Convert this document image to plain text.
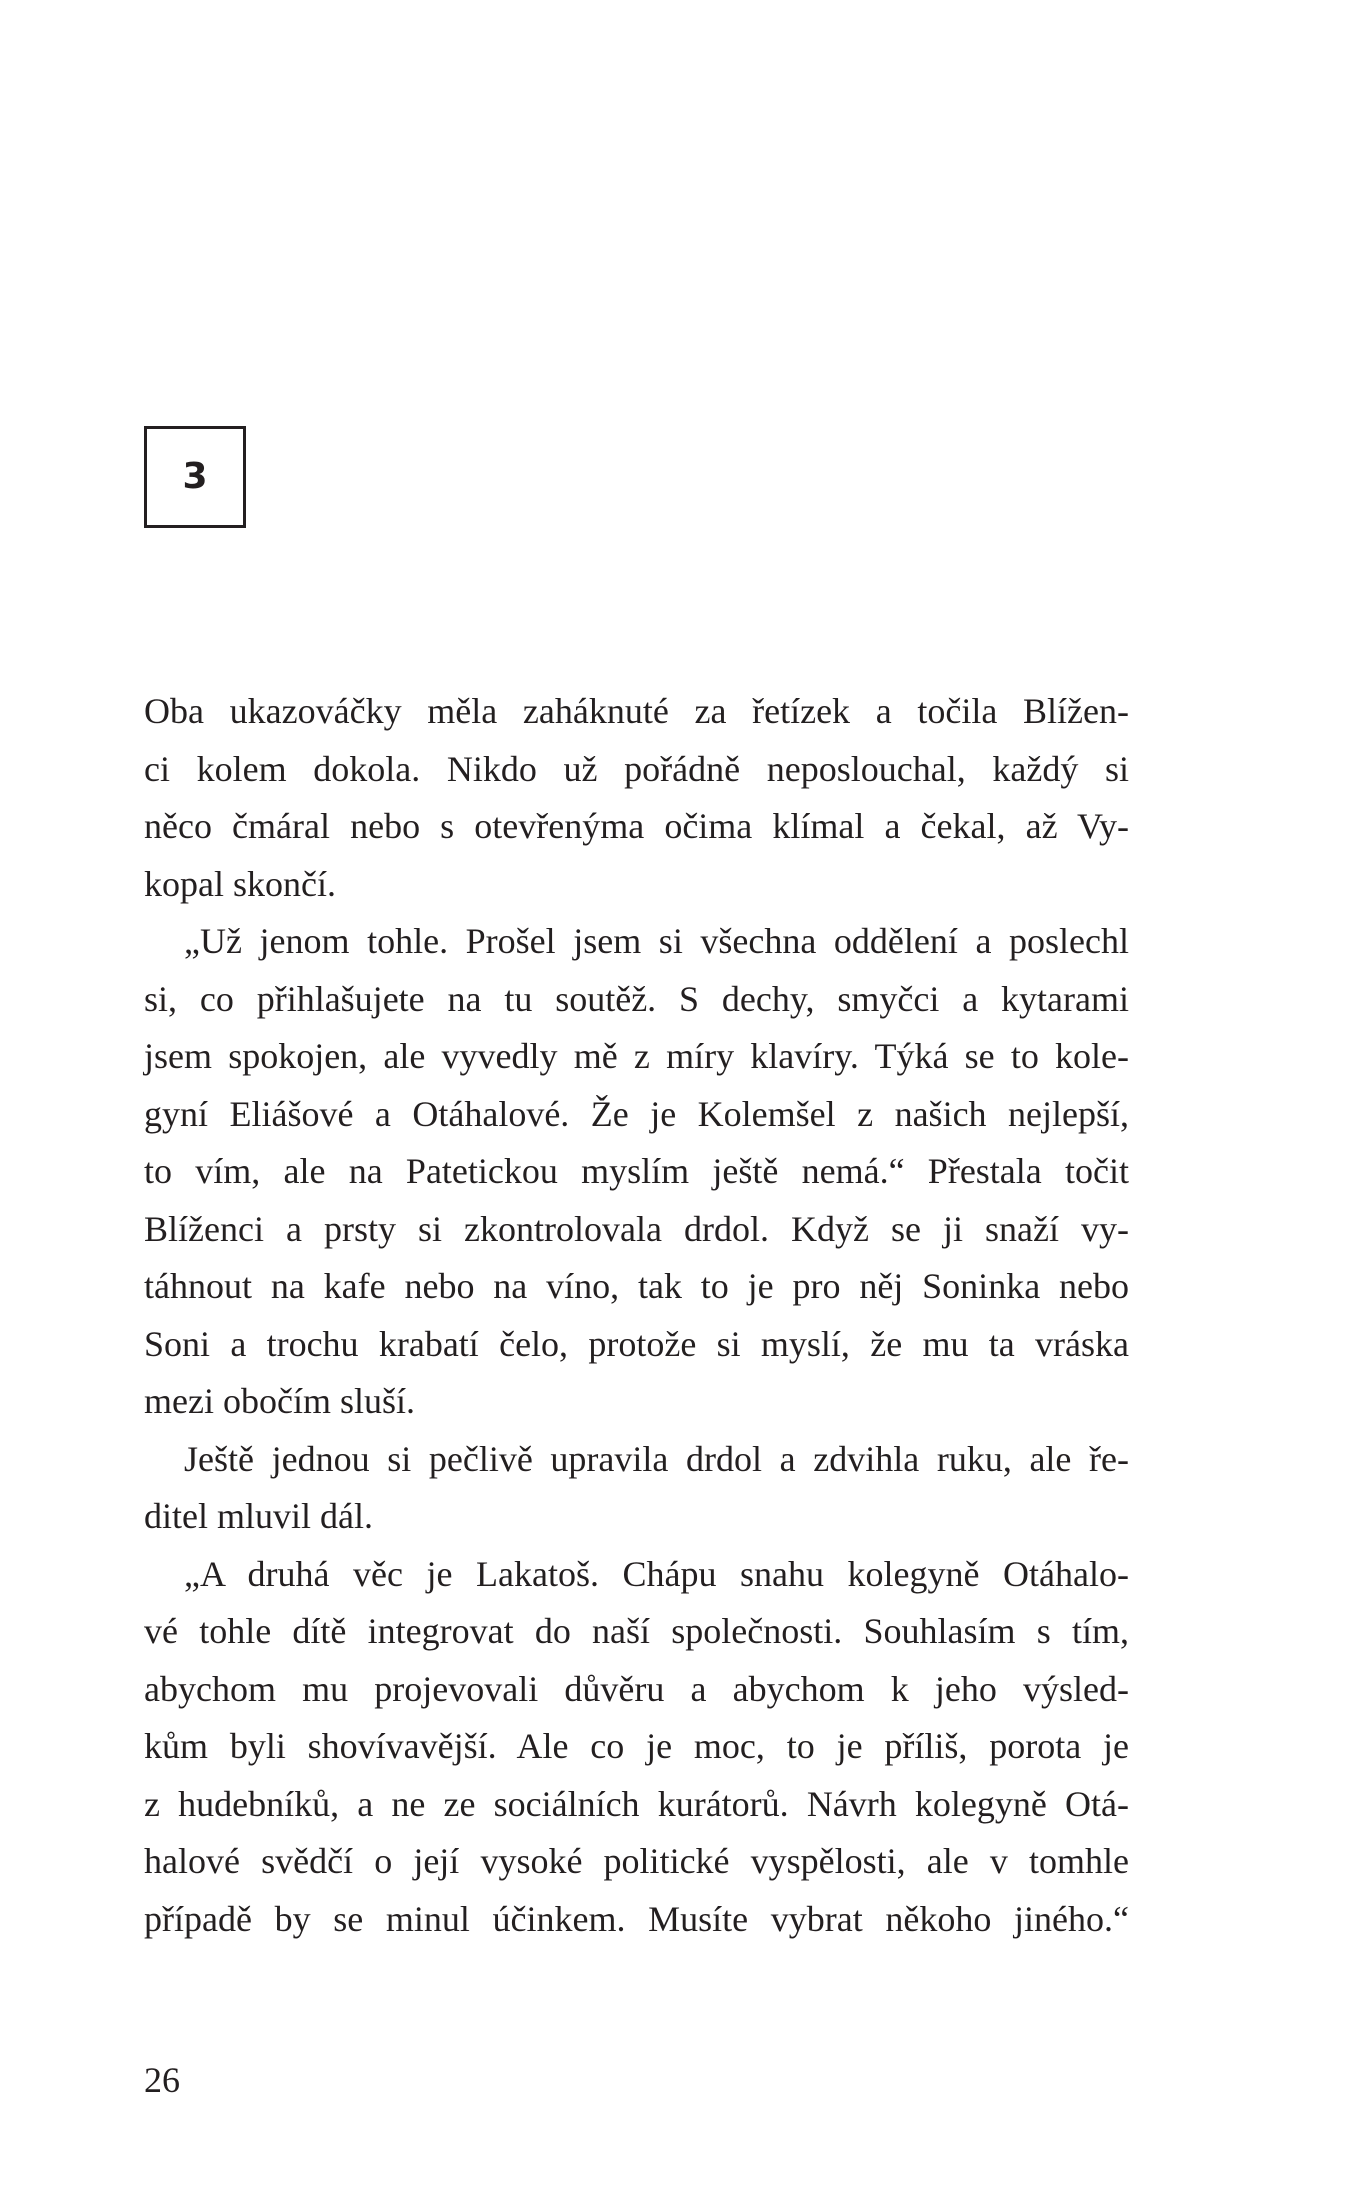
3
Oba ukazováčky měla zaháknuté za řetízek a točila Blížen-
ci kolem dokola. Nikdo už pořádně neposlouchal, každý si
něco čmáral nebo s otevřenýma očima klímal a čekal, až Vy-
kopal skončí.
„Už jenom tohle. Prošel jsem si všechna oddělení a poslechl
si, co přihlašujete na tu soutěž. S dechy, smyčci a kytarami
jsem spokojen, ale vyvedly mě z míry klavíry. Týká se to kole-
gyní Eliášové a Otáhalové. Že je Kolemšel z našich nejlepší,
to vím, ale na Patetickou myslím ještě nemá.“ Přestala točit
Blíženci a prsty si zkontrolovala drdol. Když se ji snaží vy-
táhnout na kafe nebo na víno, tak to je pro něj Soninka nebo
Soni a trochu krabatí čelo, protože si myslí, že mu ta vráska
mezi obočím sluší.
Ještě jednou si pečlivě upravila drdol a zdvihla ruku, ale ře-
ditel mluvil dál.
„A druhá věc je Lakatoš. Chápu snahu kolegyně Otáhalo-
vé tohle dítě integrovat do naší společnosti. Souhlasím s tím,
abychom mu projevovali důvěru a abychom k jeho výsled-
kům byli shovívavější. Ale co je moc, to je příliš, porota je
z hudebníků, a ne ze sociálních kurátorů. Návrh kolegyně Otá-
halové svědčí o její vysoké politické vyspělosti, ale v tomhle
případě by se minul účinkem. Musíte vybrat někoho jiného.“
26
